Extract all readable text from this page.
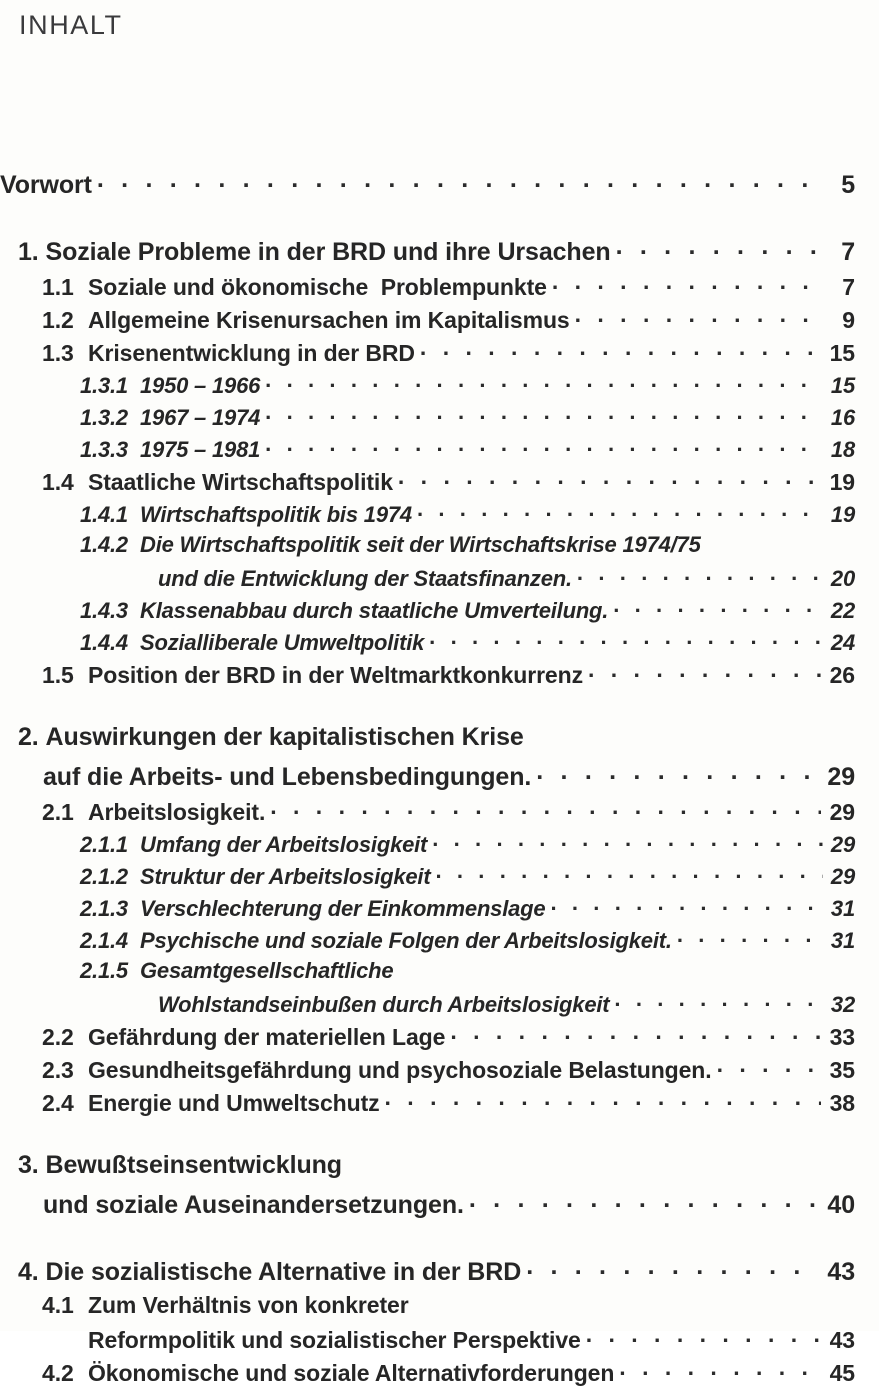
INHALT
Vorwort . . .	5
1. Soziale Probleme in der BRD und ihre Ursachen . . .	7
1.1 Soziale und ökonomische  Problempunkte . . .	7
1.2 Allgemeine Krisenursachen im Kapitalismus . . .	9
1.3 Krisenentwicklung in der BRD . . .	15
1.3.1 1950 – 1966 . . .	15
1.3.2 1967 – 1974 . . .	16
1.3.3 1975 – 1981 . . .	18
1.4 Staatliche Wirtschaftspolitik . . .	19
1.4.1 Wirtschaftspolitik bis 1974 . . .	19
1.4.2 Die Wirtschaftspolitik seit der Wirtschaftskrise 1974/75
und die Entwicklung der Staatsfinanzen. . . .	20
1.4.3 Klassenabbau durch staatliche Umverteilung. . . .	22
1.4.4 Sozialliberale Umweltpolitik . . .	24
1.5 Position der BRD in der Weltmarktkonkurrenz . . .	26
2. Auswirkungen der kapitalistischen Krise
auf die Arbeits- und Lebensbedingungen. . . .	29
2.1 Arbeitslosigkeit. . . .	29
2.1.1 Umfang der Arbeitslosigkeit . . .	29
2.1.2 Struktur der Arbeitslosigkeit . . .	29
2.1.3 Verschlechterung der Einkommenslage . . .	31
2.1.4 Psychische und soziale Folgen der Arbeitslosigkeit. . . .	31
2.1.5 Gesamtgesellschaftliche
Wohlstandseinbußen durch Arbeitslosigkeit . . .	32
2.2 Gefährdung der materiellen Lage . . .	33
2.3 Gesundheitsgefährdung und psychosoziale Belastungen. . . .	35
2.4 Energie und Umweltschutz . . .	38
3. Bewußtseinsentwicklung
und soziale Auseinandersetzungen. . . .	40
4. Die sozialistische Alternative in der BRD . . .	43
4.1 Zum Verhältnis von konkreter
Reformpolitik und sozialistischer Perspektive . . .	43
4.2 Ökonomische und soziale Alternativforderungen . . .	45
